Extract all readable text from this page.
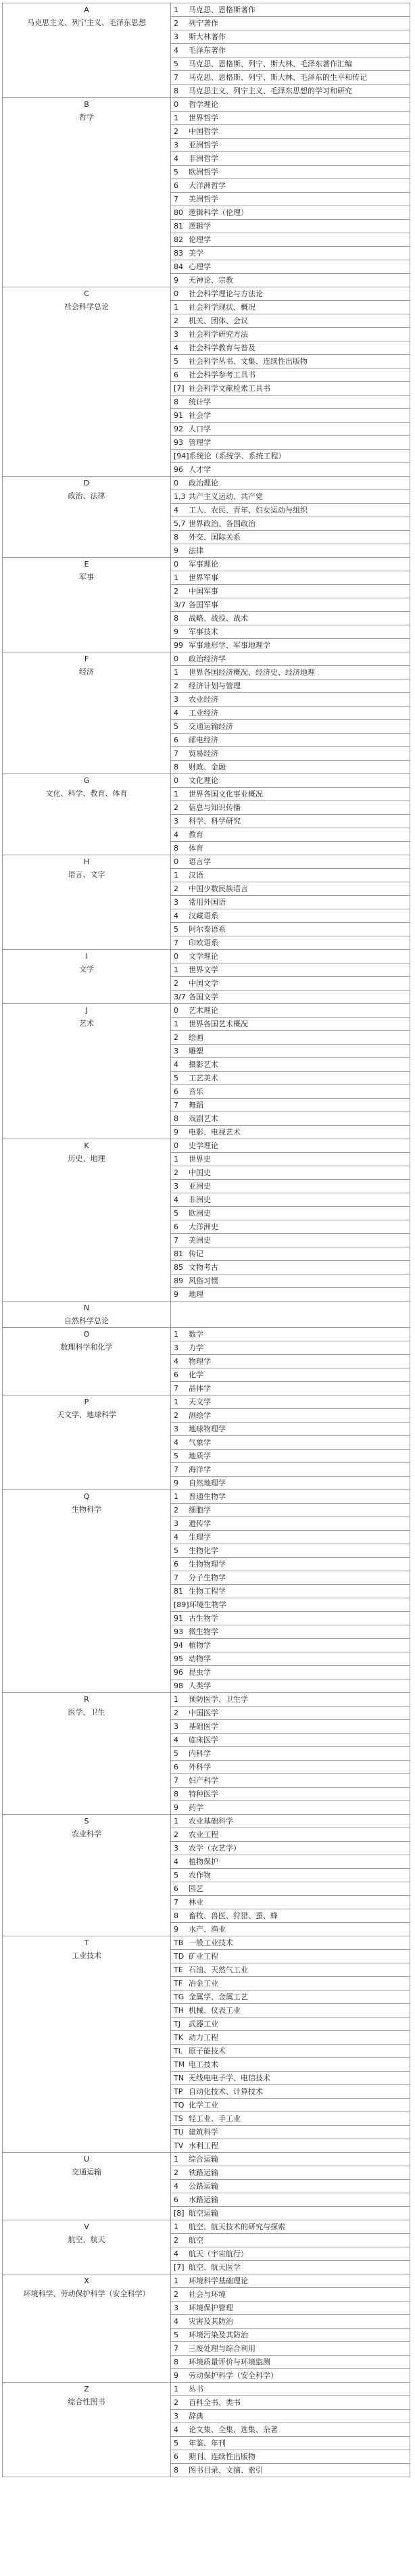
A
马克思主义、列宁主义、毛泽东思想	1 马克思、恩格斯著作
	2 列宁著作
	3 斯大林著作
	4 毛泽东著作
	5 马克思、恩格斯、列宁、斯大林、毛泽东著作汇编
	7 马克思、恩格斯、列宁、斯大林、毛泽东的生平和传记
	8 马克思主义、列宁主义、毛泽东思想的学习和研究

B
哲学	0 哲学理论
	1 世界哲学
	2 中国哲学
	3 亚洲哲学
	4 非洲哲学
	5 欧洲哲学
	6 大洋洲哲学
	7 美洲哲学
	80 逻辑科学（伦理）
	81 逻辑学
	82 伦理学
	83 美学
	84 心理学
	9 无神论、宗教

C
社会科学总论	0 社会科学理论与方法论
	1 社会科学现状、概况
	2 机关、团体、会议
	3 社会科学研究方法
	4 社会科学教育与普及
	5 社会科学丛书、文集、连续性出版物
	6 社会科学参考工具书
	[7] 社会科学文献检索工具书
	8 统计学
	91 社会学
	92 人口学
	93 管理学
	[94]系统论（系统学、系统工程）
	96 人才学

D
政治、法律	0 政治理论
	1,3 共产主义运动、共产党
	4 工人、农民、青年、妇女运动与组织
	5,7 世界政治、各国政治
	8 外交、国际关系
	9 法律

E
军事	0 军事理论
	1 世界军事
	2 中国军事
	3/7 各国军事
	8 战略、战役、战术
	9 军事技术
	99 军事地形学、军事地理学

F
经济	0 政治经济学
	1 世界各国经济概况、经济史、经济地理
	2 经济计划与管理
	3 农业经济
	4 工业经济
	5 交通运输经济
	6 邮电经济
	7 贸易经济
	8 财政、金融

G
文化、科学、教育、体育	0 文化理论
	1 世界各国文化事业概况
	2 信息与知识传播
	3 科学、科学研究
	4 教育
	8 体育

H
语言、文字	0 语言学
	1 汉语
	2 中国少数民族语言
	3 常用外国语
	4 汉藏语系
	5 阿尔泰语系
	7 印欧语系

I
文学	0 文学理论
	1 世界文学
	2 中国文学
	3/7 各国文学

J
艺术	0 艺术理论
	1 世界各国艺术概况
	2 绘画
	3 雕塑
	4 摄影艺术
	5 工艺美术
	6 音乐
	7 舞蹈
	8 戏剧艺术
	9 电影、电视艺术

K
历史、地理	0 史学理论
	1 世界史
	2 中国史
	3 亚洲史
	4 非洲史
	5 欧洲史
	6 大洋洲史
	7 美洲史
	81 传记
	85 文物考古
	89 风俗习惯
	9 地理

N
自然科学总论	

O
数理科学和化学	1 数学
	3 力学
	4 物理学
	6 化学
	7 晶体学

P
天文学、地球科学	1 天文学
	2 测绘学
	3 地球物理学
	4 气象学
	5 地质学
	7 海洋学
	9 自然地理学

Q
生物科学	1 普通生物学
	2 细胞学
	3 遗传学
	4 生理学
	5 生物化学
	6 生物物理学
	7 分子生物学
	81 生物工程学
	[89]环境生物学
	91 古生物学
	93 微生物学
	94 植物学
	95 动物学
	96 昆虫学
	98 人类学

R
医学、卫生	1 预防医学、卫生学
	2 中国医学
	3 基础医学
	4 临床医学
	5 内科学
	6 外科学
	7 妇产科学
	8 特种医学
	9 药学

S
农业科学	1 农业基础科学
	2 农业工程
	3 农学（农艺学）
	4 植物保护
	5 农作物
	6 园艺
	7 林业
	8 畜牧、兽医、狩猎、蚕、蜂
	9 水产、渔业

T
工业技术	TB 一般工业技术
	TD 矿业工程
	TE 石油、天然气工业
	TF 冶金工业
	TG 金属学、金属工艺
	TH 机械、仪表工业
	TJ 武器工业
	TK 动力工程
	TL 原子能技术
	TM 电工技术
	TN 无线电电子学、电信技术
	TP 自动化技术、计算技术
	TQ 化学工业
	TS 轻工业、手工业
	TU 建筑科学
	TV 水利工程

U
交通运输	1 综合运输
	2 铁路运输
	4 公路运输
	6 水路运输
	[8] 航空运输

V
航空、航天	1 航空、航天技术的研究与探索
	2 航空
	4 航天（宇宙航行）
	[7] 航空、航天医学

X
环境科学、劳动保护科学（安全科学）	1 环境科学基础理论
	2 社会与环境
	3 环境保护管理
	4 灾害及其防治
	5 环境污染及其防治
	7 三废处理与综合利用
	8 环境质量评价与环境监测
	9 劳动保护科学（安全科学）

Z
综合性图书	1 丛书
	2 百科全书、类书
	3 辞典
	4 论文集、全集、选集、杂著
	5 年鉴、年刊
	6 期刊、连续性出版物
	8 图书目录、文摘、索引
